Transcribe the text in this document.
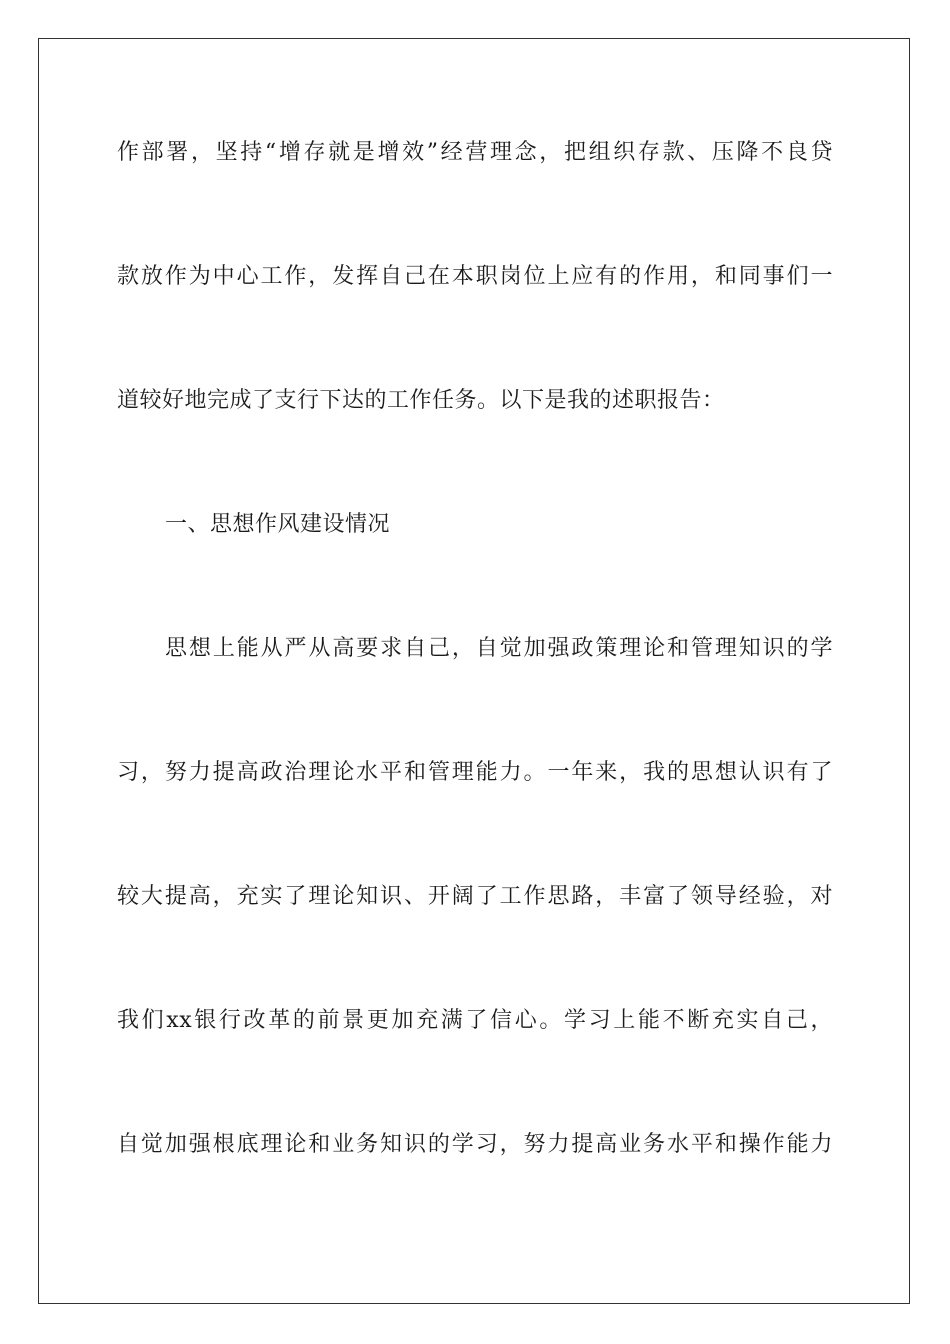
作部署，坚持“增存就是增效”经营理念，把组织存款、压降不良贷
款放作为中心工作，发挥自己在本职岗位上应有的作用，和同事们一
道较好地完成了支行下达的工作任务。以下是我的述职报告：
一、思想作风建设情况
思想上能从严从高要求自己，自觉加强政策理论和管理知识的学
习，努力提高政治理论水平和管理能力。一年来，我的思想认识有了
较大提高，充实了理论知识、开阔了工作思路，丰富了领导经验，对
我们xx银行改革的前景更加充满了信心。学习上能不断充实自己，
自觉加强根底理论和业务知识的学习，努力提高业务水平和操作能力
